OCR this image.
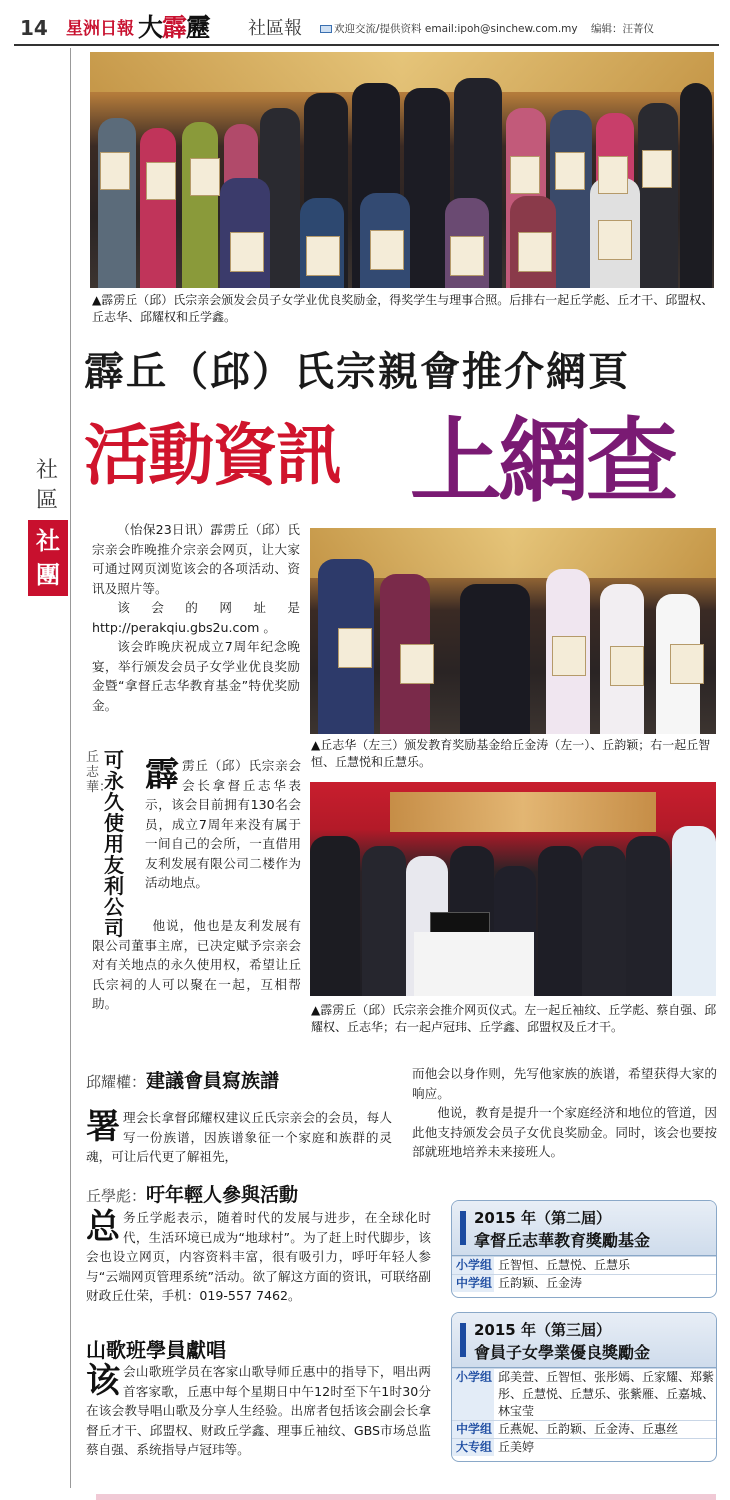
14 星洲日報 大霹靂 社區報	欢迎交流/提供资料 email:ipoh@sinchew.com.my 编辑：汪菁仪
社
區
社
團
▲霹雳丘（邱）氏宗亲会颁发会员子女学业优良奖励金，得奖学生与理事合照。后排右一起丘学彪、丘才干、邱盟权、丘志华、邱耀权和丘学鑫。
霹丘（邱）氏宗親會推介網頁
活動資訊 上網查

（怡保23日讯）霹雳丘（邱）氏宗亲会昨晚推介宗亲会网页，让大家可通过网页浏览该会的各项活动、资讯及照片等。

该会的网址是http://perakqiu.gbs2u.com 。

该会昨晚庆祝成立7周年纪念晚宴，举行颁发会员子女学业优良奖励金暨“拿督丘志华教育基金”特优奖励金。

丘志華：
可永久使用友利公司
霹雳丘（邱）氏宗亲会会长拿督丘志华表示，该会目前拥有130名会员，成立7周年来没有属于一间自己的会所，一直借用友利发展有限公司二楼作为活动地点。

他说，他也是友利发展有限公司董事主席，已决定赋予宗亲会对有关地点的永久使用权，希望让丘氏宗祠的人可以聚在一起，互相帮助。

▲丘志华（左三）颁发教育奖励基金给丘金涛（左一）、丘韵颖；右一起丘智恒、丘慧悦和丘慧乐。
▲霹雳丘（邱）氏宗亲会推介网页仪式。左一起丘袖纹、丘学彪、蔡自强、邱耀权、丘志华；右一起卢冠玮、丘学鑫、邱盟权及丘才干。
邱耀權：建議會員寫族譜
署理会长拿督邱耀权建议丘氏宗亲会的会员，每人写一份族谱，因族谱象征一个家庭和族群的灵魂，可让后代更了解祖先，

而他会以身作则，先写他家族的族谱，希望获得大家的响应。

他说，教育是提升一个家庭经济和地位的管道，因此他支持颁发会员子女优良奖励金。同时，该会也要按部就班地培养未来接班人。

丘學彪：吁年輕人參與活動
总务丘学彪表示，随着时代的发展与进步，在全球化时代，生活环境已成为“地球村”。为了赶上时代脚步，该会也设立网页，内容资料丰富，很有吸引力，呼吁年轻人参与“云端网页管理系统”活动。欲了解这方面的资讯，可联络副财政丘仕荣，手机：019-557 7462。
山歌班學員獻唱
该会山歌班学员在客家山歌导师丘惠中的指导下，唱出两首客家歌，丘惠中每个星期日中午12时至下午1时30分在该会教导唱山歌及分享人生经验。出席者包括该会副会长拿督丘才干、邱盟权、财政丘学鑫、理事丘袖纹、GBS市场总监蔡自强、系统指导卢冠玮等。
2015 年（第二屆）
拿督丘志華教育獎勵基金
小学组 丘智恒、丘慧悦、丘慧乐
中学组 丘韵颖、丘金涛
2015 年（第三屆）
會員子女學業優良獎勵金
小学组 邱美萱、丘智恒、张彤嫣、丘家耀、郑紫彤、丘慧悦、丘慧乐、张紫雁、丘嘉城、林宝莹
中学组 丘燕妮、丘韵颖、丘金涛、丘惠丝
大专组 丘美婷
